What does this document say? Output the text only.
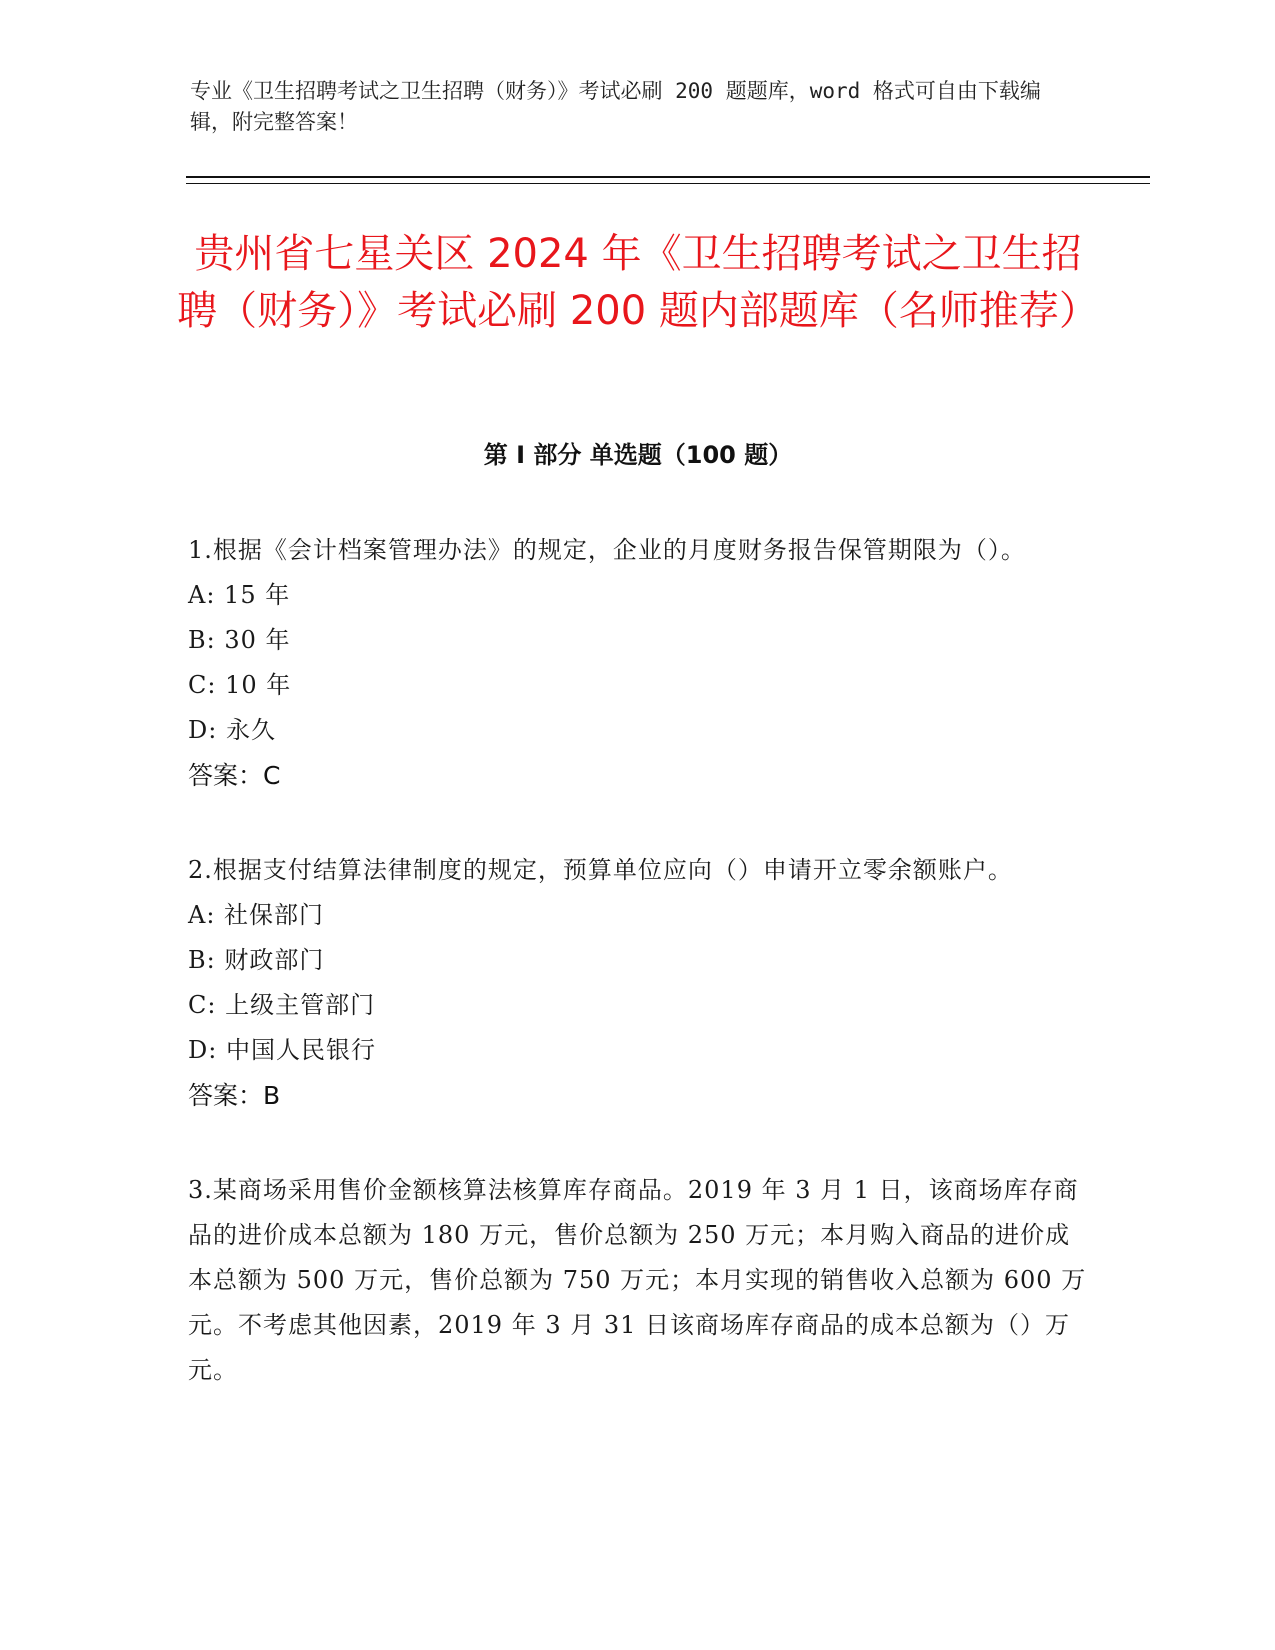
专业《卫生招聘考试之卫生招聘（财务）》考试必刷 200 题题库，word 格式可自由下载编辑，附完整答案！
贵州省七星关区 2024 年《卫生招聘考试之卫生招聘（财务）》考试必刷 200 题内部题库（名师推荐）
第 I 部分 单选题（100 题）
1.根据《会计档案管理办法》的规定，企业的月度财务报告保管期限为（）。
A: 15 年
B: 30 年
C: 10 年
D: 永久
答案：C
2.根据支付结算法律制度的规定，预算单位应向（）申请开立零余额账户。
A: 社保部门
B: 财政部门
C: 上级主管部门
D: 中国人民银行
答案：B
3.某商场采用售价金额核算法核算库存商品。2019 年 3 月 1 日，该商场库存商品的进价成本总额为 180 万元，售价总额为 250 万元；本月购入商品的进价成本总额为 500 万元，售价总额为 750 万元；本月实现的销售收入总额为 600 万元。不考虑其他因素，2019 年 3 月 31 日该商场库存商品的成本总额为（）万元。
